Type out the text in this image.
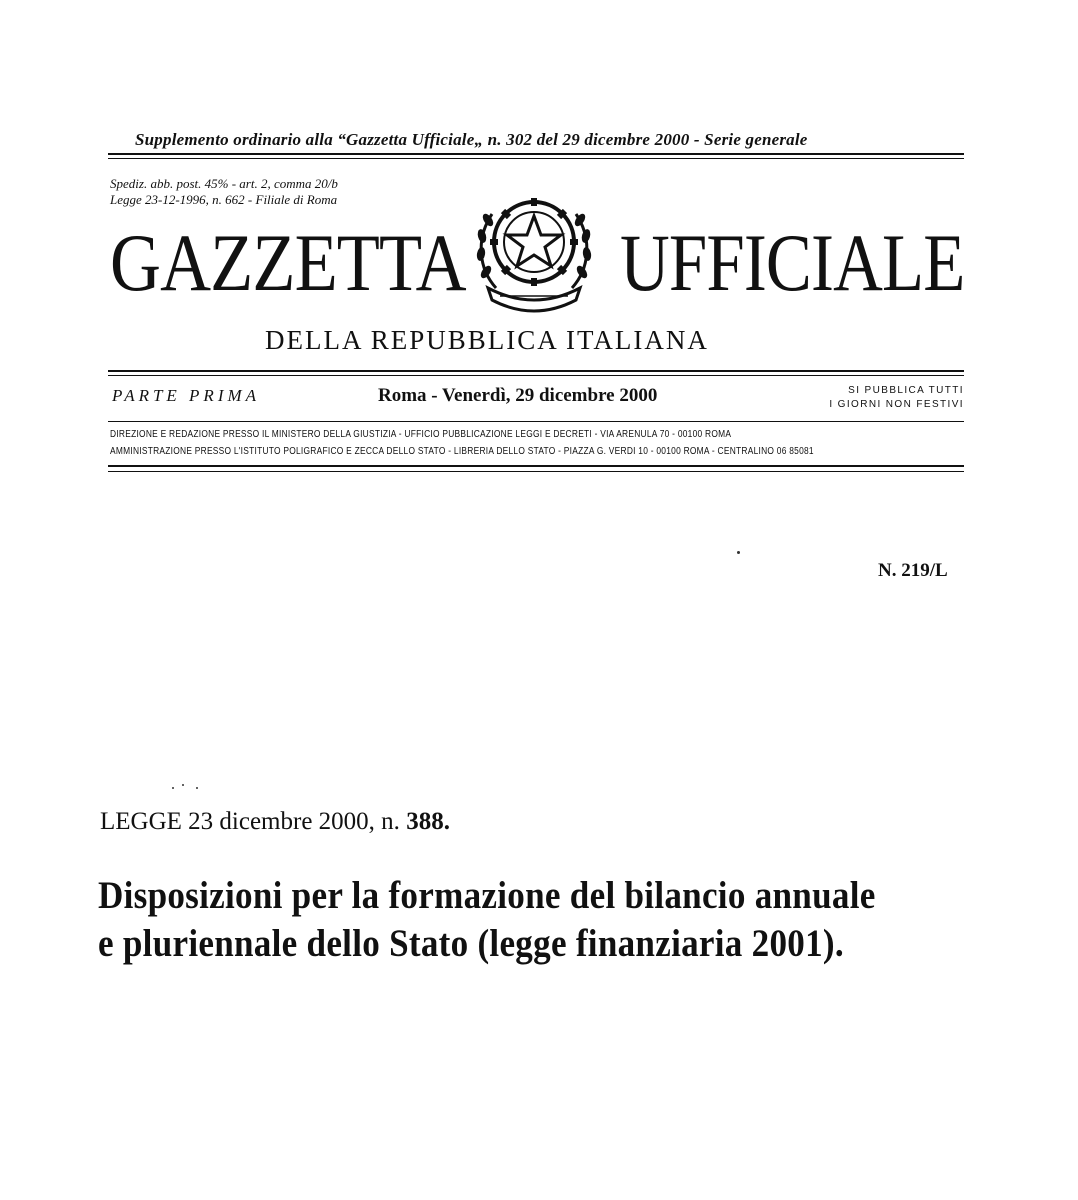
Supplemento ordinario alla “Gazzetta Ufficiale„ n. 302 del 29 dicembre 2000 - Serie generale
Spediz. abb. post. 45% - art. 2, comma 20/b
Legge 23-12-1996, n. 662 - Filiale di Roma
GAZZETTA UFFICIALE
DELLA REPUBBLICA ITALIANA
PARTE PRIMA	Roma - Venerdì, 29 dicembre 2000	SI PUBBLICA TUTTI
I GIORNI NON FESTIVI
DIREZIONE E REDAZIONE PRESSO IL MINISTERO DELLA GIUSTIZIA - UFFICIO PUBBLICAZIONE LEGGI E DECRETI - VIA ARENULA 70 - 00100 ROMA
AMMINISTRAZIONE PRESSO L'ISTITUTO POLIGRAFICO E ZECCA DELLO STATO - LIBRERIA DELLO STATO - PIAZZA G. VERDI 10 - 00100 ROMA - CENTRALINO 06 85081
N. 219/L
LEGGE 23 dicembre 2000, n. 388.
Disposizioni per la formazione del bilancio annuale e pluriennale dello Stato (legge finanziaria 2001).
